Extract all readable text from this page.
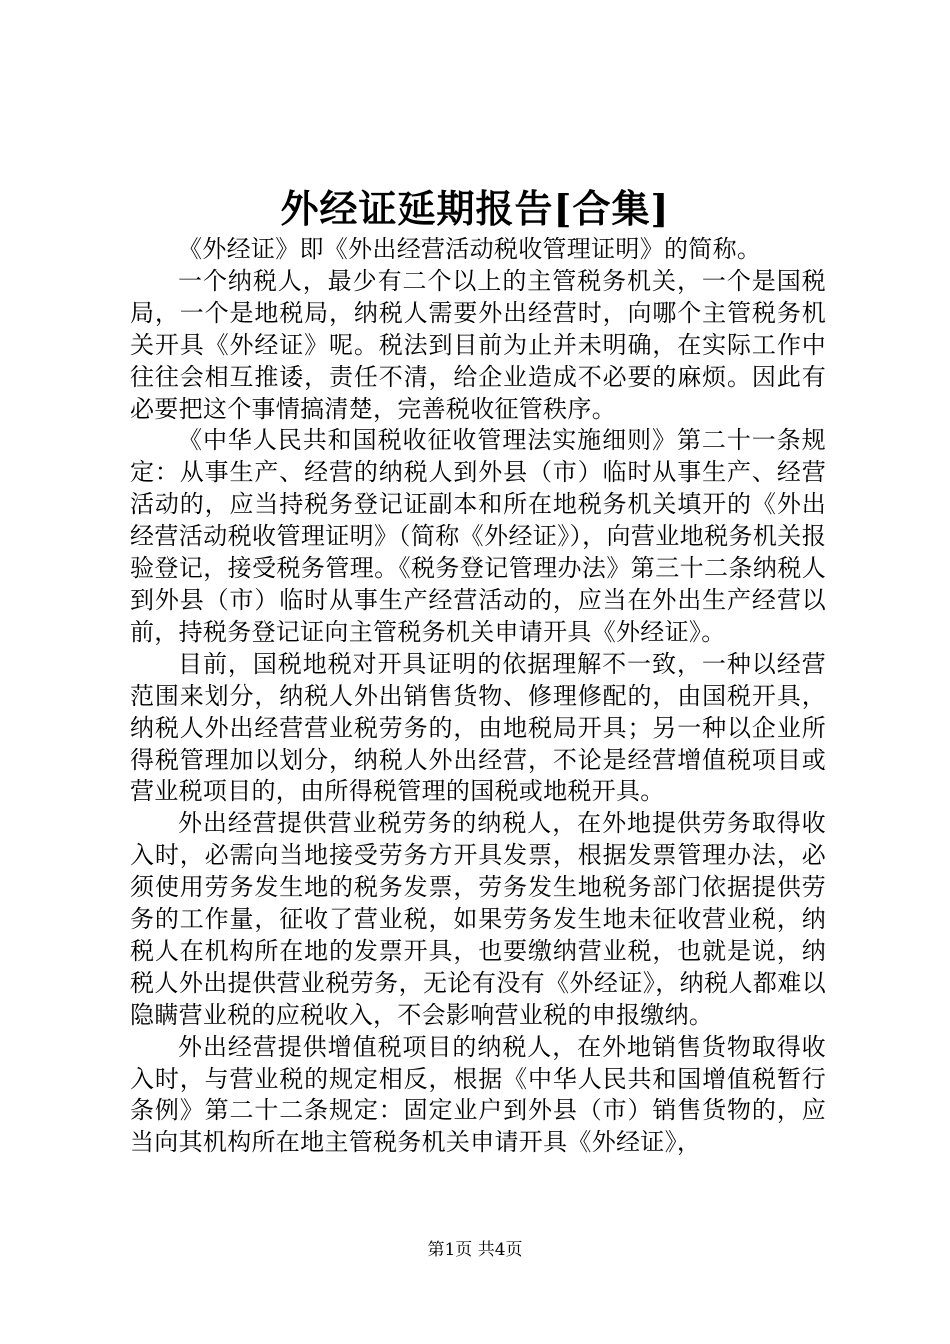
外经证延期报告[合集]

《外经证》即《外出经营活动税收管理证明》的简称。

一个纳税人，最少有二个以上的主管税务机关，一个是国税局，一个是地税局，纳税人需要外出经营时，向哪个主管税务机关开具《外经证》呢。税法到目前为止并未明确，在实际工作中往往会相互推诿，责任不清，给企业造成不必要的麻烦。因此有必要把这个事情搞清楚，完善税收征管秩序。

《中华人民共和国税收征收管理法实施细则》第二十一条规定：从事生产、经营的纳税人到外县（市）临时从事生产、经营活动的，应当持税务登记证副本和所在地税务机关填开的《外出经营活动税收管理证明》（简称《外经证》），向营业地税务机关报验登记，接受税务管理。《税务登记管理办法》第三十二条纳税人到外县（市）临时从事生产经营活动的，应当在外出生产经营以前，持税务登记证向主管税务机关申请开具《外经证》。

目前，国税地税对开具证明的依据理解不一致，一种以经营范围来划分，纳税人外出销售货物、修理修配的，由国税开具，纳税人外出经营营业税劳务的，由地税局开具；另一种以企业所得税管理加以划分，纳税人外出经营，不论是经营增值税项目或营业税项目的，由所得税管理的国税或地税开具。

外出经营提供营业税劳务的纳税人，在外地提供劳务取得收入时，必需向当地接受劳务方开具发票，根据发票管理办法，必须使用劳务发生地的税务发票，劳务发生地税务部门依据提供劳务的工作量，征收了营业税，如果劳务发生地未征收营业税，纳税人在机构所在地的发票开具，也要缴纳营业税，也就是说，纳税人外出提供营业税劳务，无论有没有《外经证》，纳税人都难以隐瞒营业税的应税收入，不会影响营业税的申报缴纳。

外出经营提供增值税项目的纳税人，在外地销售货物取得收入时，与营业税的规定相反，根据《中华人民共和国增值税暂行条例》第二十二条规定：固定业户到外县（市）销售货物的，应当向其机构所在地主管税务机关申请开具《外经证》，

第1页 共4页
